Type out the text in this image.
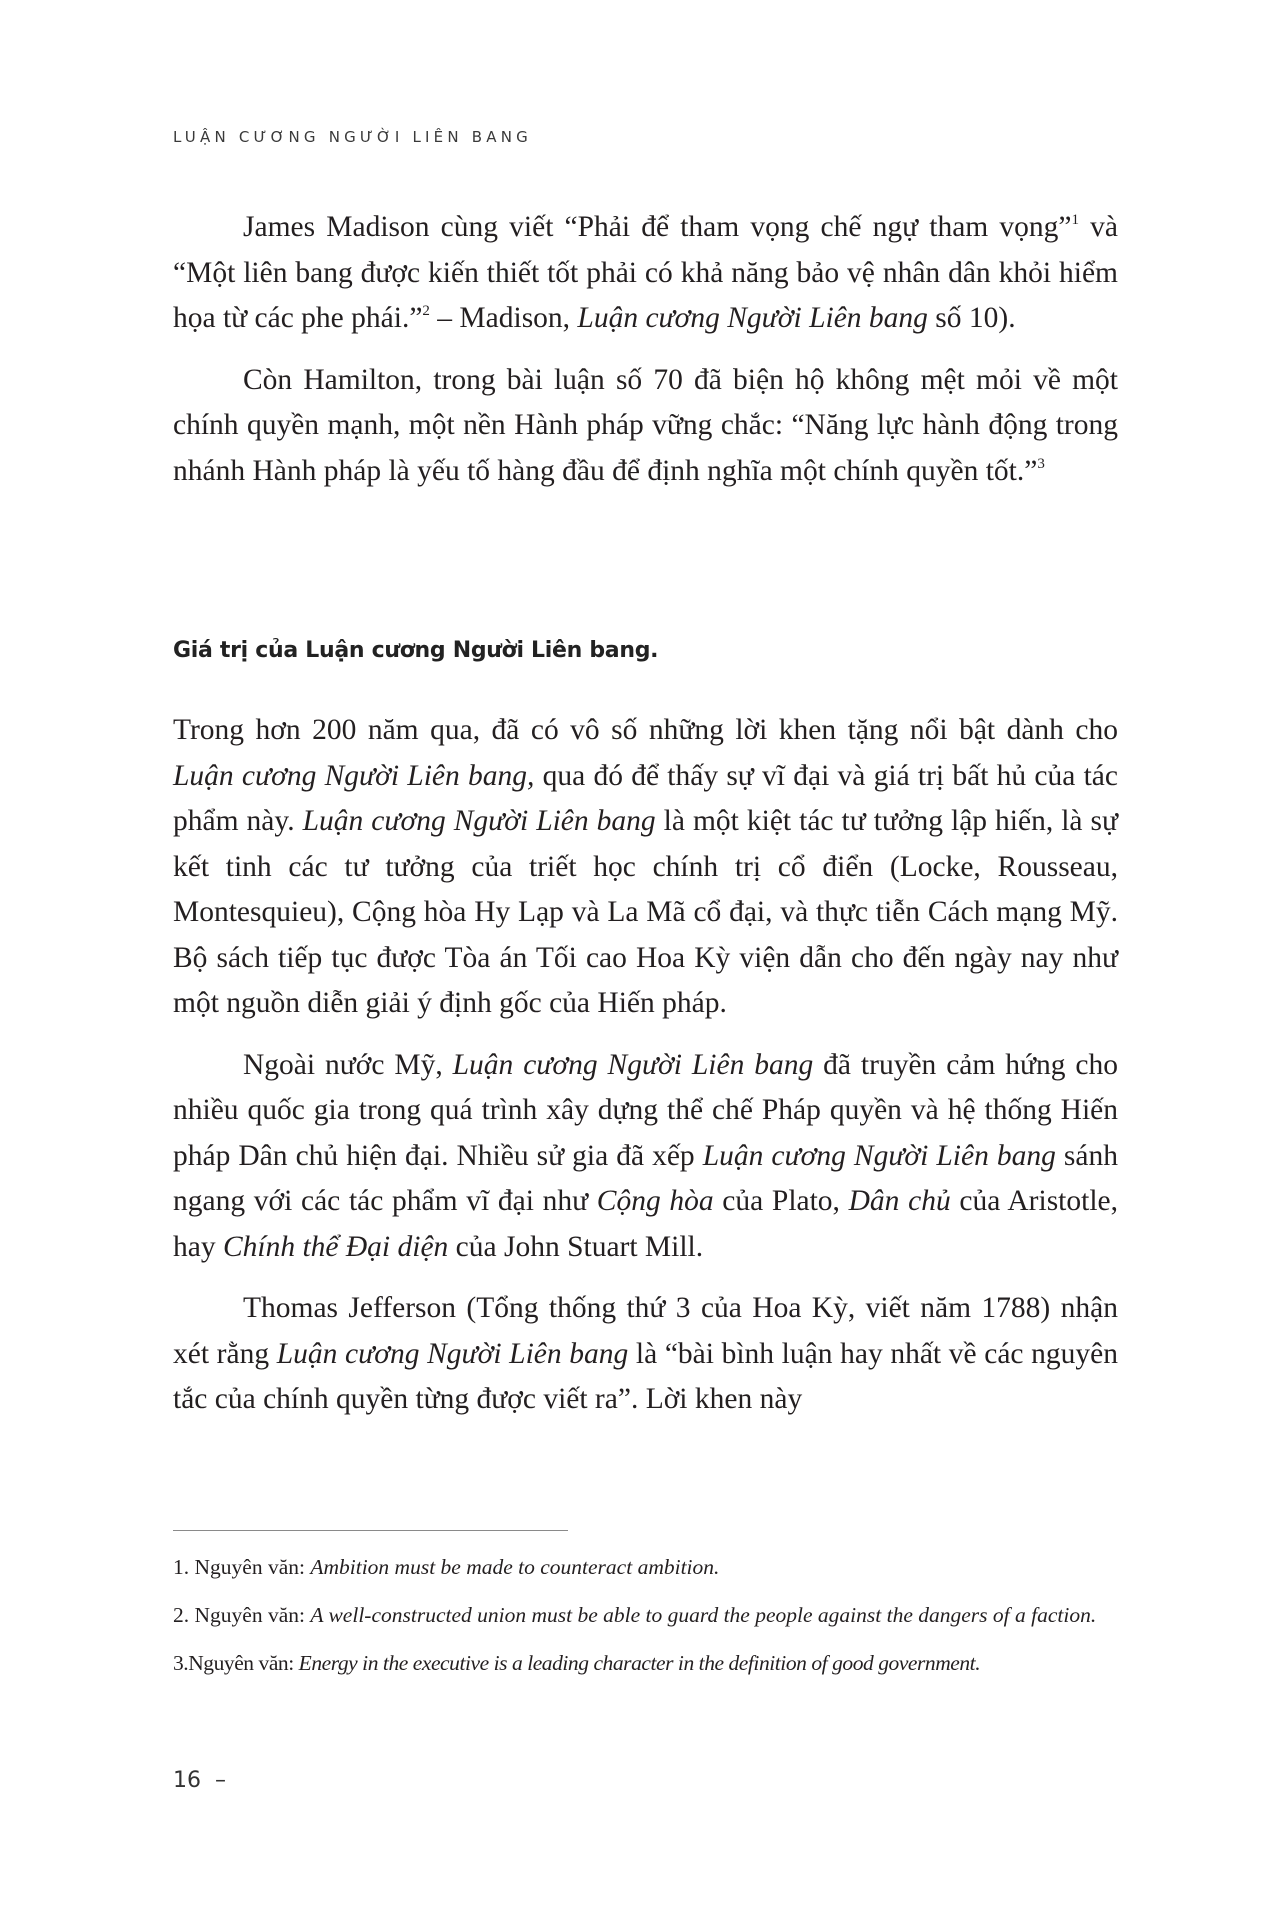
LUẬN CƯƠNG NGƯỜI LIÊN BANG

James Madison cùng viết “Phải để tham vọng chế ngự tham vọng”$^1$ và “Một liên bang được kiến thiết tốt phải có khả năng bảo vệ nhân dân khỏi hiểm họa từ các phe phái.”$^2$ – Madison, Luận cương Người Liên bang số 10).

Còn Hamilton, trong bài luận số 70 đã biện hộ không mệt mỏi về một chính quyền mạnh, một nền Hành pháp vững chắc: “Năng lực hành động trong nhánh Hành pháp là yếu tố hàng đầu để định nghĩa một chính quyền tốt.”$^3$

Giá trị của Luận cương Người Liên bang.

Trong hơn 200 năm qua, đã có vô số những lời khen tặng nổi bật dành cho Luận cương Người Liên bang, qua đó để thấy sự vĩ đại và giá trị bất hủ của tác phẩm này. Luận cương Người Liên bang là một kiệt tác tư tưởng lập hiến, là sự kết tinh các tư tưởng của triết học chính trị cổ điển (Locke, Rousseau, Montesquieu), Cộng hòa Hy Lạp và La Mã cổ đại, và thực tiễn Cách mạng Mỹ. Bộ sách tiếp tục được Tòa án Tối cao Hoa Kỳ viện dẫn cho đến ngày nay như một nguồn diễn giải ý định gốc của Hiến pháp.

Ngoài nước Mỹ, Luận cương Người Liên bang đã truyền cảm hứng cho nhiều quốc gia trong quá trình xây dựng thể chế Pháp quyền và hệ thống Hiến pháp Dân chủ hiện đại. Nhiều sử gia đã xếp Luận cương Người Liên bang sánh ngang với các tác phẩm vĩ đại như Cộng hòa của Plato, Dân chủ của Aristotle, hay Chính thể Đại diện của John Stuart Mill.

Thomas Jefferson (Tổng thống thứ 3 của Hoa Kỳ, viết năm 1788) nhận xét rằng Luận cương Người Liên bang là “bài bình luận hay nhất về các nguyên tắc của chính quyền từng được viết ra”. Lời khen này

1. Nguyên văn: Ambition must be made to counteract ambition.

2. Nguyên văn: A well-constructed union must be able to guard the people against the dangers of a faction.

3.Nguyên văn: Energy in the executive is a leading character in the definition of good government.

16  –
